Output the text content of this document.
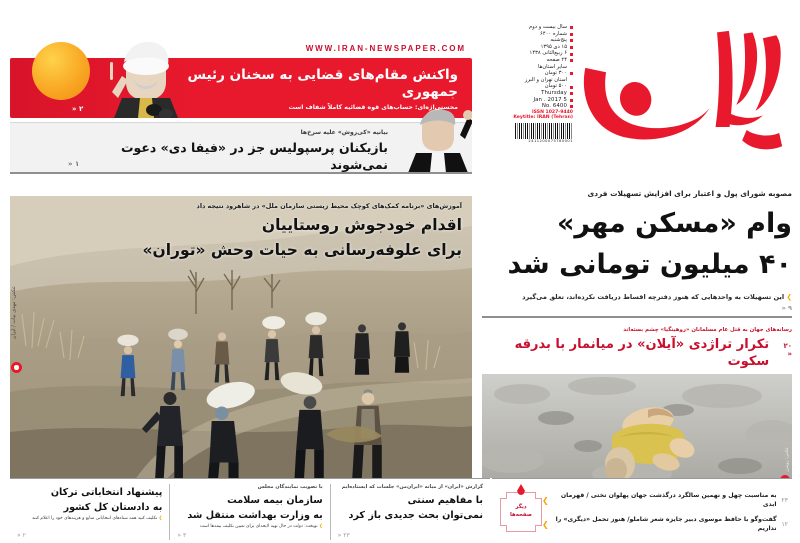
سال بیست و دوم
شماره ۶۴۰۰
پنج‌شنبه
۱۵ دی ۱۳۹۵
۶ ربیع‌الثانی ۱۴۳۸
۲۴ صفحه
سایر استان‌ها
۳۰۰ تومان
استان تهران و البرز
۵۰۰ تومان
Thursday
5 Jan . 2017
No. 6400
ISSN 1027-9440
Keytitle: IRAN (Tehran)
2411200075760001
WWW.IRAN-NEWSPAPER.COM
واکنش مقام‌های قضایی به سخنان رئیس جمهوری
محسنی‌اژه‌ای: حساب‌های قوه قضائیه کاملاً شفاف است
۲ «
بیانیه «کی‌روش» علیه سرخ‌ها
بازیکنان پرسپولیس جز در «فیفا دی» دعوت نمی‌شوند
۱ «
آموزش‌های «برنامه کمک‌های کوچک محیط زیستی سازمان ملل» در شاهرود نتیجه داد
اقدام خودجوش روستاییان
برای علوفه‌رسانی به حیات وحش «توران»
عکس: مهدی بیات / ایران
مصوبه شورای پول و اعتبار برای افزایش تسهیلات فردی
وام «مسکن مهر»
۴۰ میلیون تومانی شد
❯ این تسهیلات به واحدهایی که هنوز دفترچه اقساط دریافت نکرده‌اند، تعلق می‌گیرد
۹ «
رسانه‌های جهان به قتل عام مسلمانان «روهینگیا» چشم بسته‌اند
تکرار تراژدی «آیلان» در میانمار با بدرقه سکوت
۲۰ «
عکس: رویترز
گزارش «ایران» از میانه «ایران‌من» جلسات که ایستاده‌ایم
با مفاهیم سنتی
نمی‌توان بحث جدیدی باز کرد
۲۳ «
با تصویب نمایندگان مجلس
سازمان بیمه سلامت
به وزارت بهداشت منتقل شد
❯ نوبخت: دولت در حال تهیه لایحه‌ای برای تعیین تکلیف بیمه‌ها است
۳ «
پیشنهاد انتخاباتی ترکان
به دادستان کل کشور
❯ تکلیف کنید همه ستادهای انتخاباتی منابع و هزینه‌های خود را اعلام کنند
۲ «
دیگر
صفحه‌ها
❯	به مناسبت چهل و نهمین سالگرد درگذشت جهان پهلوان تختی / قهرمان ابدی
۲۳
❯	گفت‌وگو با حافظ موسوی دبیر جایزه شعر شاملو/ هنوز تحمل «دیگری» را نداریم
۱۲
